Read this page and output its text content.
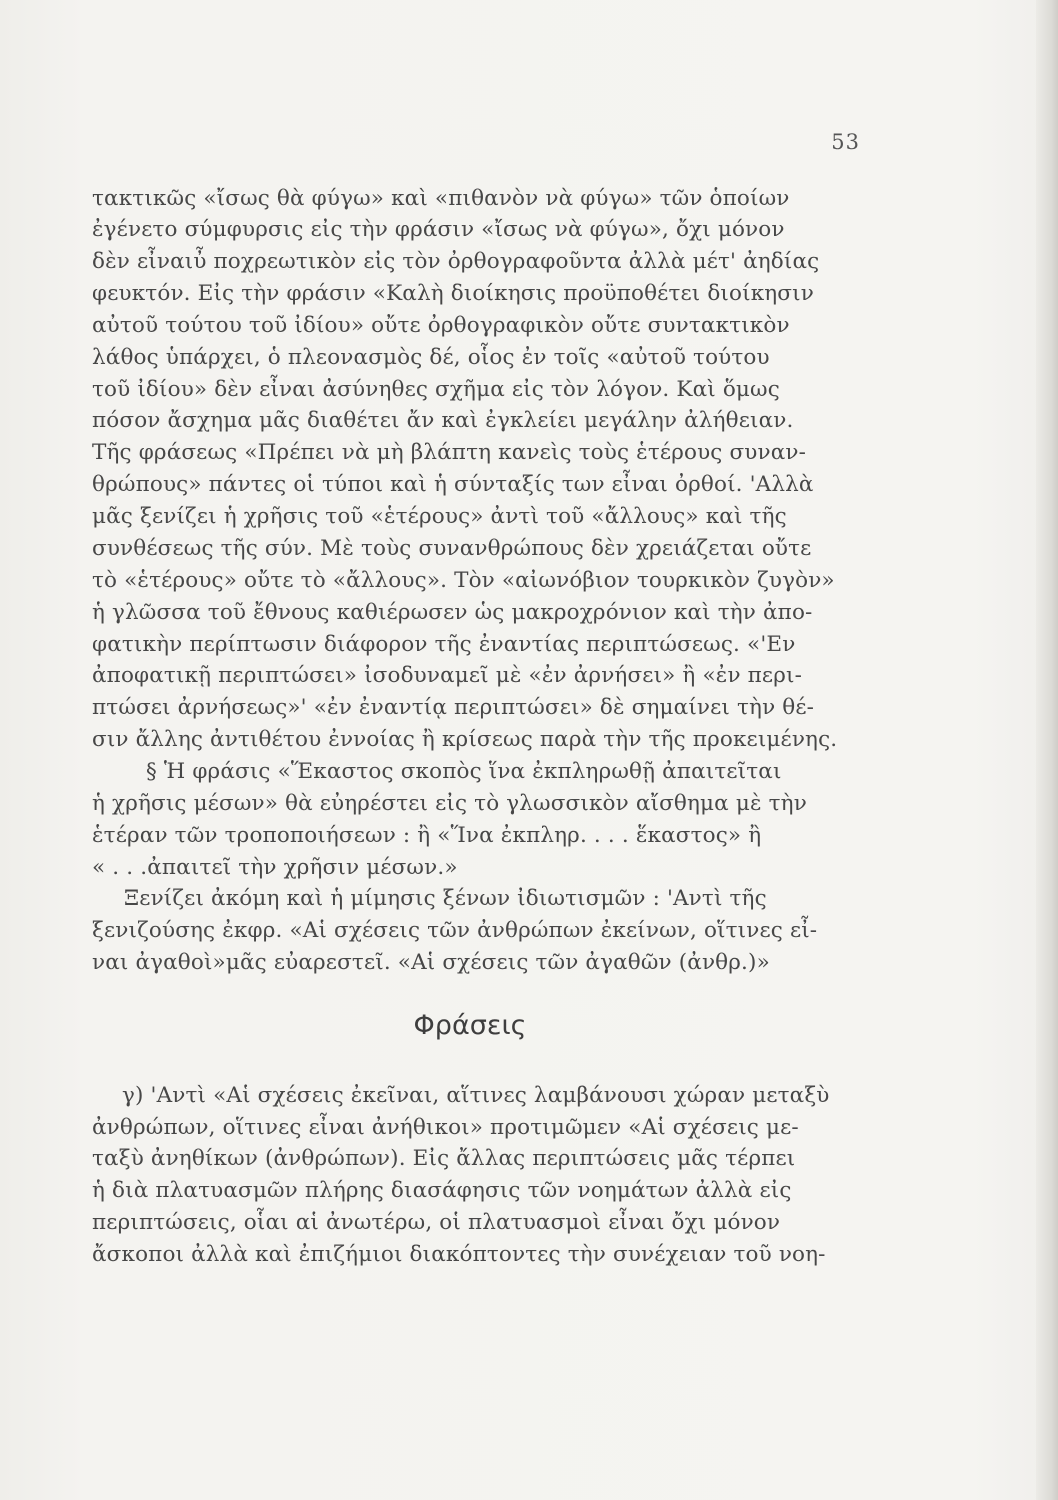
53
τακτικῶς «ἴσως θὰ φύγω» καὶ «πιθανὸν νὰ φύγω» τῶν ὁποίων
ἐγένετο σύμφυρσις εἰς τὴν φράσιν «ἴσως νὰ φύγω», ὄχι μόνον
δὲν εἶναιὖ ποχρεωτικὸν εἰς τὸν ὀρθογραφοῦντα ἀλλὰ μέτ' ἀηδίας
φευκτόν. Εἰς τὴν φράσιν «Καλὴ διοίκησις προϋποθέτει διοίκησιν
αὐτοῦ τούτου τοῦ ἰδίου» οὔτε ὀρθογραφικὸν οὔτε συντακτικὸν
λάθος ὑπάρχει, ὁ πλεονασμὸς δέ, οἷος ἐν τοῖς «αὐτοῦ τούτου
τοῦ ἰδίου» δὲν εἶναι ἀσύνηθες σχῆμα εἰς τὸν λόγον. Καὶ ὅμως
πόσον ἄσχημα μᾶς διαθέτει ἄν καὶ ἐγκλείει μεγάλην ἀλήθειαν.
Τῆς φράσεως «Πρέπει νὰ μὴ βλάπτη κανεὶς τοὺς ἑτέρους συναν-
θρώπους» πάντες οἱ τύποι καὶ ἡ σύνταξίς των εἶναι ὀρθοί. 'Αλλὰ
μᾶς ξενίζει ἡ χρῆσις τοῦ «ἑτέρους» ἀντὶ τοῦ «ἄλλους» καὶ τῆς
συνθέσεως τῆς σύν. Μὲ τοὺς συνανθρώπους δὲν χρειάζεται οὔτε
τὸ «ἑτέρους» οὔτε τὸ «ἄλλους». Τὸν «αἰωνόβιον τουρκικὸν ζυγὸν»
ἡ γλῶσσα τοῦ ἔθνους καθιέρωσεν ὡς μακροχρόνιον καὶ τὴν ἀπο-
φατικὴν περίπτωσιν διάφορον τῆς ἐναντίας περιπτώσεως. «'Εν
ἀποφατικῇ περιπτώσει» ἰσοδυναμεῖ μὲ «ἐν ἀρνήσει» ἢ «ἐν περι-
πτώσει ἀρνήσεως»' «ἐν ἐναντίᾳ περιπτώσει» δὲ σημαίνει τὴν θέ-
σιν ἄλλης ἀντιθέτου ἐννοίας ἢ κρίσεως παρὰ τὴν τῆς προκειμένης.
§ Ἡ φράσις «Ἕκαστος σκοπὸς ἵνα ἐκπληρωθῇ ἀπαιτεῖται
ἡ χρῆσις μέσων» θὰ εὐηρέστει εἰς τὸ γλωσσικὸν αἴσθημα μὲ τὴν
ἑτέραν τῶν τροποποιήσεων : ἢ «Ἵνα ἐκπληρ. . . . ἕκαστος» ἢ
« . . .ἀπαιτεῖ τὴν χρῆσιν μέσων.»
Ξενίζει ἀκόμη καὶ ἡ μίμησις ξένων ἰδιωτισμῶν : 'Αντὶ τῆς
ξενιζούσης ἐκφρ. «Αἱ σχέσεις τῶν ἀνθρώπων ἐκείνων, οἵτινες εἶ-
ναι ἀγαθοὶ»μᾶς εὐαρεστεῖ. «Αἱ σχέσεις τῶν ἀγαθῶν (ἀνθρ.)»
Φράσεις
γ) 'Αντὶ «Αἱ σχέσεις ἐκεῖναι, αἵτινες λαμβάνουσι χώραν μεταξὺ
ἀνθρώπων, οἵτινες εἶναι ἀνήθικοι» προτιμῶμεν «Αἱ σχέσεις με-
ταξὺ ἀνηθίκων (ἀνθρώπων). Εἰς ἄλλας περιπτώσεις μᾶς τέρπει
ἡ διὰ πλατυασμῶν πλήρης διασάφησις τῶν νοημάτων ἀλλὰ εἰς
περιπτώσεις, οἷαι αἱ ἀνωτέρω, οἱ πλατυασμοὶ εἶναι ὄχι μόνον
ἄσκοποι ἀλλὰ καὶ ἐπιζήμιοι διακόπτοντες τὴν συνέχειαν τοῦ νοη-
